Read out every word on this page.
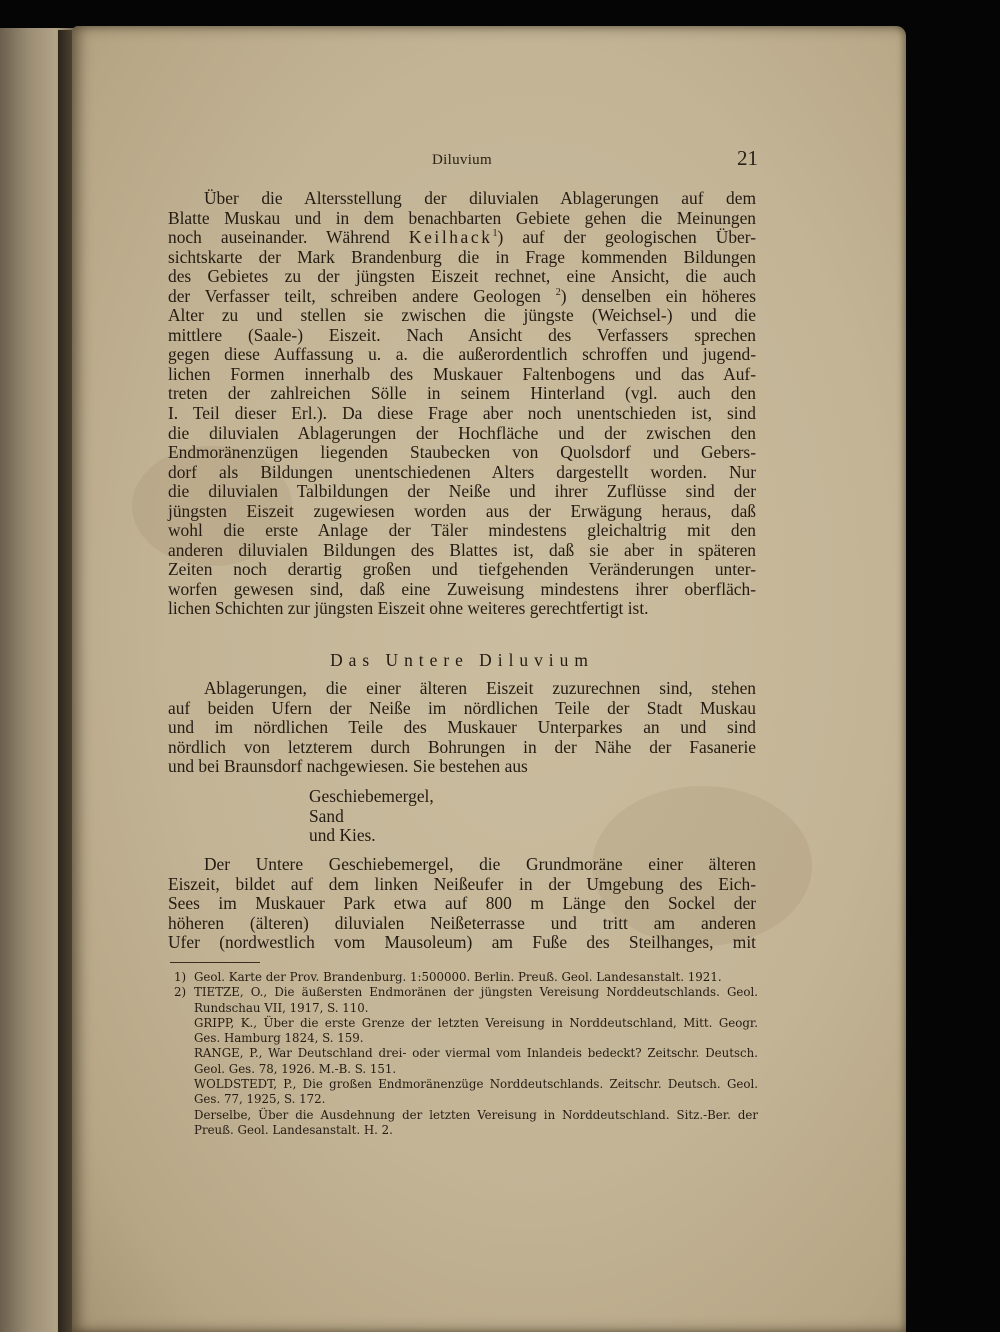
Diluvium	21
Über die Altersstellung der diluvialen Ablagerungen auf dem
Blatte Muskau und in dem benachbarten Gebiete gehen die Meinungen
noch auseinander. Während Keilhack$^1$) auf der geologischen Über-
sichtskarte der Mark Brandenburg die in Frage kommenden Bildungen
des Gebietes zu der jüngsten Eiszeit rechnet, eine Ansicht, die auch
der Verfasser teilt, schreiben andere Geologen $^2$) denselben ein höheres
Alter zu und stellen sie zwischen die jüngste (Weichsel-) und die
mittlere (Saale-) Eiszeit. Nach Ansicht des Verfassers sprechen
gegen diese Auffassung u. a. die außerordentlich schroffen und jugend-
lichen Formen innerhalb des Muskauer Faltenbogens und das Auf-
treten der zahlreichen Sölle in seinem Hinterland (vgl. auch den
I. Teil dieser Erl.). Da diese Frage aber noch unentschieden ist, sind
die diluvialen Ablagerungen der Hochfläche und der zwischen den
Endmoränenzügen liegenden Staubecken von Quolsdorf und Gebers-
dorf als Bildungen unentschiedenen Alters dargestellt worden. Nur
die diluvialen Talbildungen der Neiße und ihrer Zuflüsse sind der
jüngsten Eiszeit zugewiesen worden aus der Erwägung heraus, daß
wohl die erste Anlage der Täler mindestens gleichaltrig mit den
anderen diluvialen Bildungen des Blattes ist, daß sie aber in späteren
Zeiten noch derartig großen und tiefgehenden Veränderungen unter-
worfen gewesen sind, daß eine Zuweisung mindestens ihrer oberfläch-
lichen Schichten zur jüngsten Eiszeit ohne weiteres gerechtfertigt ist.
Das Untere Diluvium
Ablagerungen, die einer älteren Eiszeit zuzurechnen sind, stehen
auf beiden Ufern der Neiße im nördlichen Teile der Stadt Muskau
und im nördlichen Teile des Muskauer Unterparkes an und sind
nördlich von letzterem durch Bohrungen in der Nähe der Fasanerie
und bei Braunsdorf nachgewiesen. Sie bestehen aus
Geschiebemergel,
Sand
und Kies.
Der Untere Geschiebemergel, die Grundmoräne einer älteren
Eiszeit, bildet auf dem linken Neißeufer in der Umgebung des Eich-
Sees im Muskauer Park etwa auf 800 m Länge den Sockel der
höheren (älteren) diluvialen Neißeterrasse und tritt am anderen
Ufer (nordwestlich vom Mausoleum) am Fuße des Steilhanges, mit
1) Geol. Karte der Prov. Brandenburg. 1:500000. Berlin. Preuß. Geol. Landesanstalt. 1921.
2) TIETZE, O., Die äußersten Endmoränen der jüngsten Vereisung Norddeutschlands. Geol.
Rundschau VII, 1917, S. 110.
GRIPP, K., Über die erste Grenze der letzten Vereisung in Norddeutschland, Mitt. Geogr.
Ges. Hamburg 1824, S. 159.
RANGE, P., War Deutschland drei- oder viermal vom Inlandeis bedeckt? Zeitschr. Deutsch.
Geol. Ges. 78, 1926. M.-B. S. 151.
WOLDSTEDT, P., Die großen Endmoränenzüge Norddeutschlands. Zeitschr. Deutsch. Geol.
Ges. 77, 1925, S. 172.
Derselbe, Über die Ausdehnung der letzten Vereisung in Norddeutschland. Sitz.-Ber. der
Preuß. Geol. Landesanstalt. H. 2.
